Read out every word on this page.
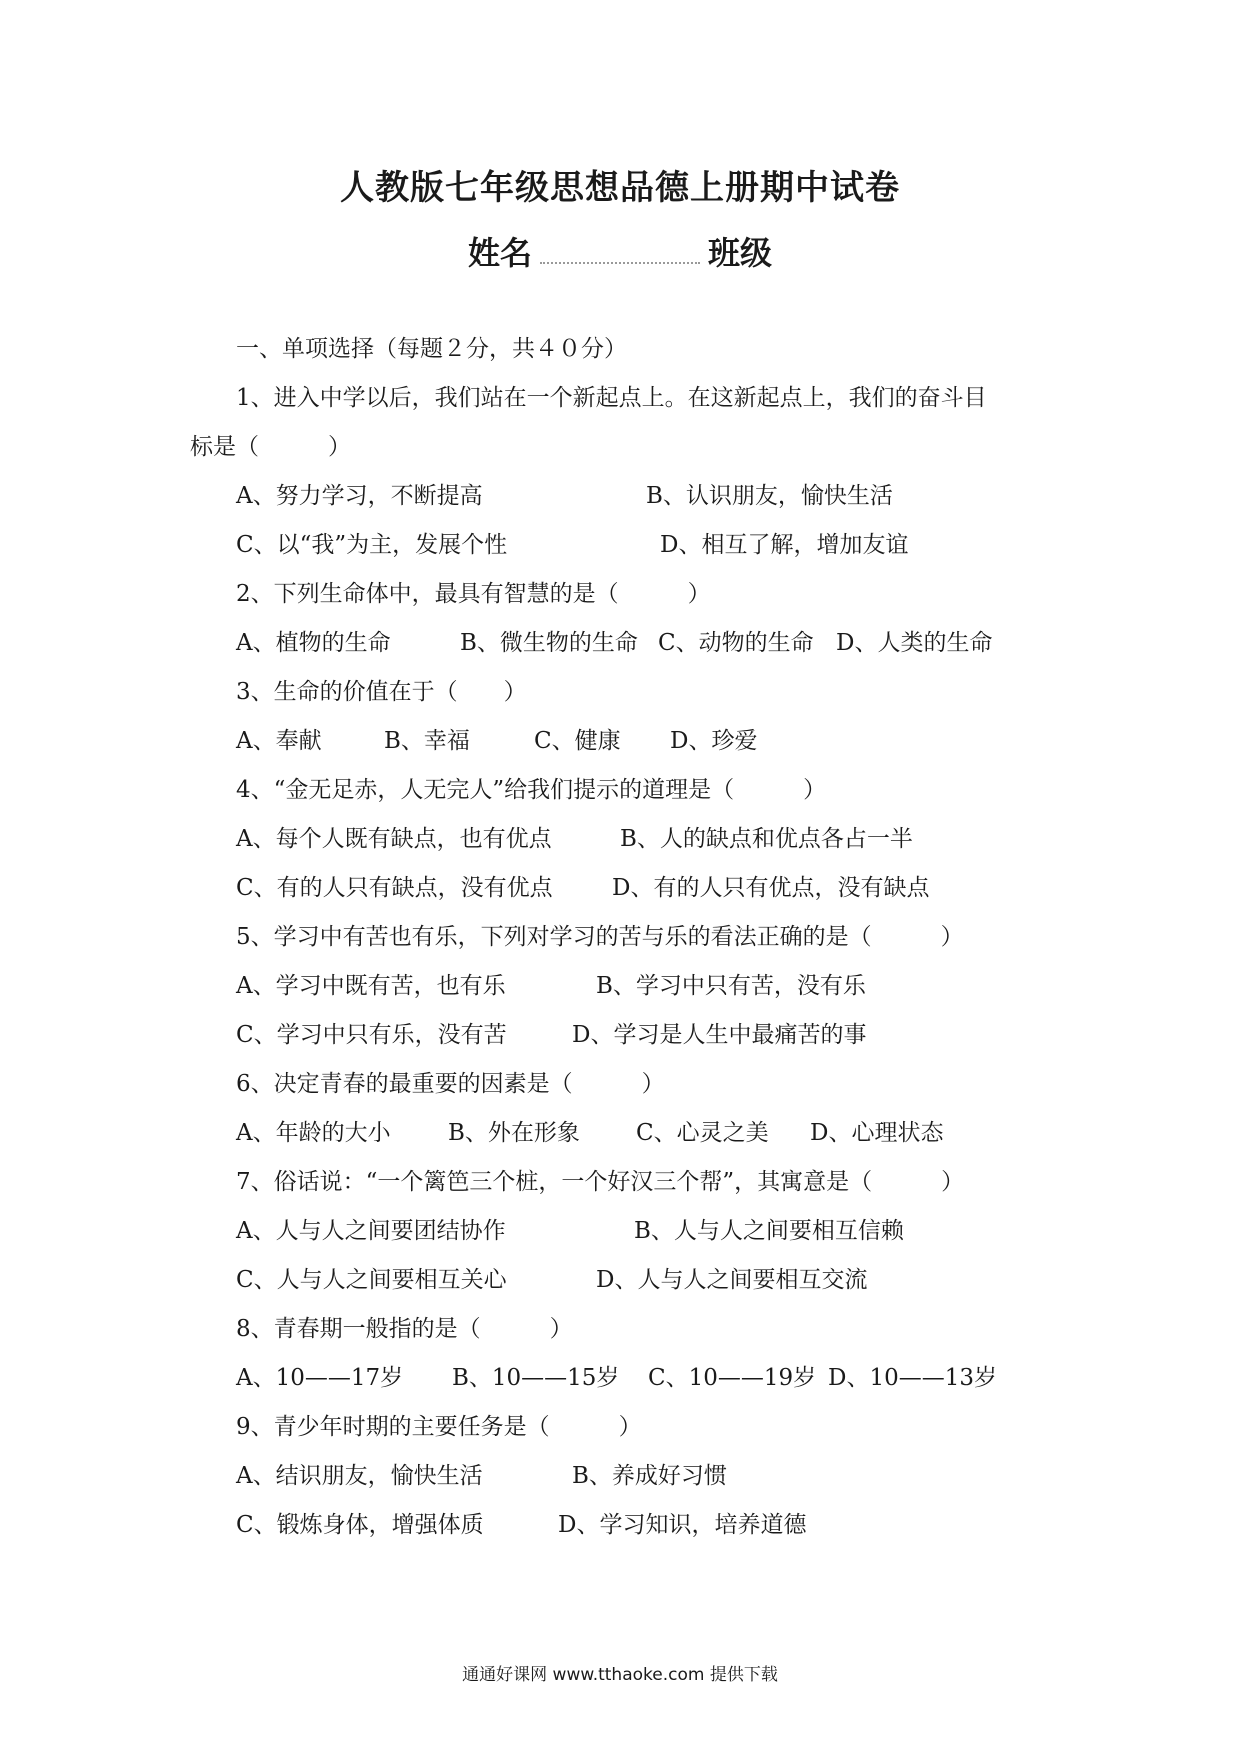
人教版七年级思想品德上册期中试卷
姓名	班级
一、单项选择（每题２分，共４０分）
1、进入中学以后，我们站在一个新起点上。在这新起点上，我们的奋斗目
标是（　　　）
A、努力学习，不断提高	B、认识朋友，愉快生活
C、以“我”为主，发展个性	D、相互了解，增加友谊
2、下列生命体中，最具有智慧的是（　　　）
A、植物的生命	B、微生物的生命 C、动物的生命 D、人类的生命
3、生命的价值在于（　　）
A、奉献	B、幸福	C、健康 D、珍爱
4、“金无足赤，人无完人”给我们提示的道理是（　　　）
A、每个人既有缺点，也有优点	B、人的缺点和优点各占一半
C、有的人只有缺点，没有优点	D、有的人只有优点，没有缺点
5、学习中有苦也有乐，下列对学习的苦与乐的看法正确的是（　　　）
A、学习中既有苦，也有乐	B、学习中只有苦，没有乐
C、学习中只有乐，没有苦	D、学习是人生中最痛苦的事
6、决定青春的最重要的因素是（　　　）
A、年龄的大小 B、外在形象 C、心灵之美 D、心理状态
7、俗话说：“一个篱笆三个桩，一个好汉三个帮”，其寓意是（　　　）
A、人与人之间要团结协作	B、人与人之间要相互信赖
C、人与人之间要相互关心	D、人与人之间要相互交流
8、青春期一般指的是（　　　）
A、10——17岁 B、10——15岁 C、10——19岁 D、10——13岁
9、青少年时期的主要任务是（　　　）
A、结识朋友，愉快生活	B、养成好习惯
C、锻炼身体，增强体质	D、学习知识，培养道德
通通好课网 www.tthaoke.com 提供下载
